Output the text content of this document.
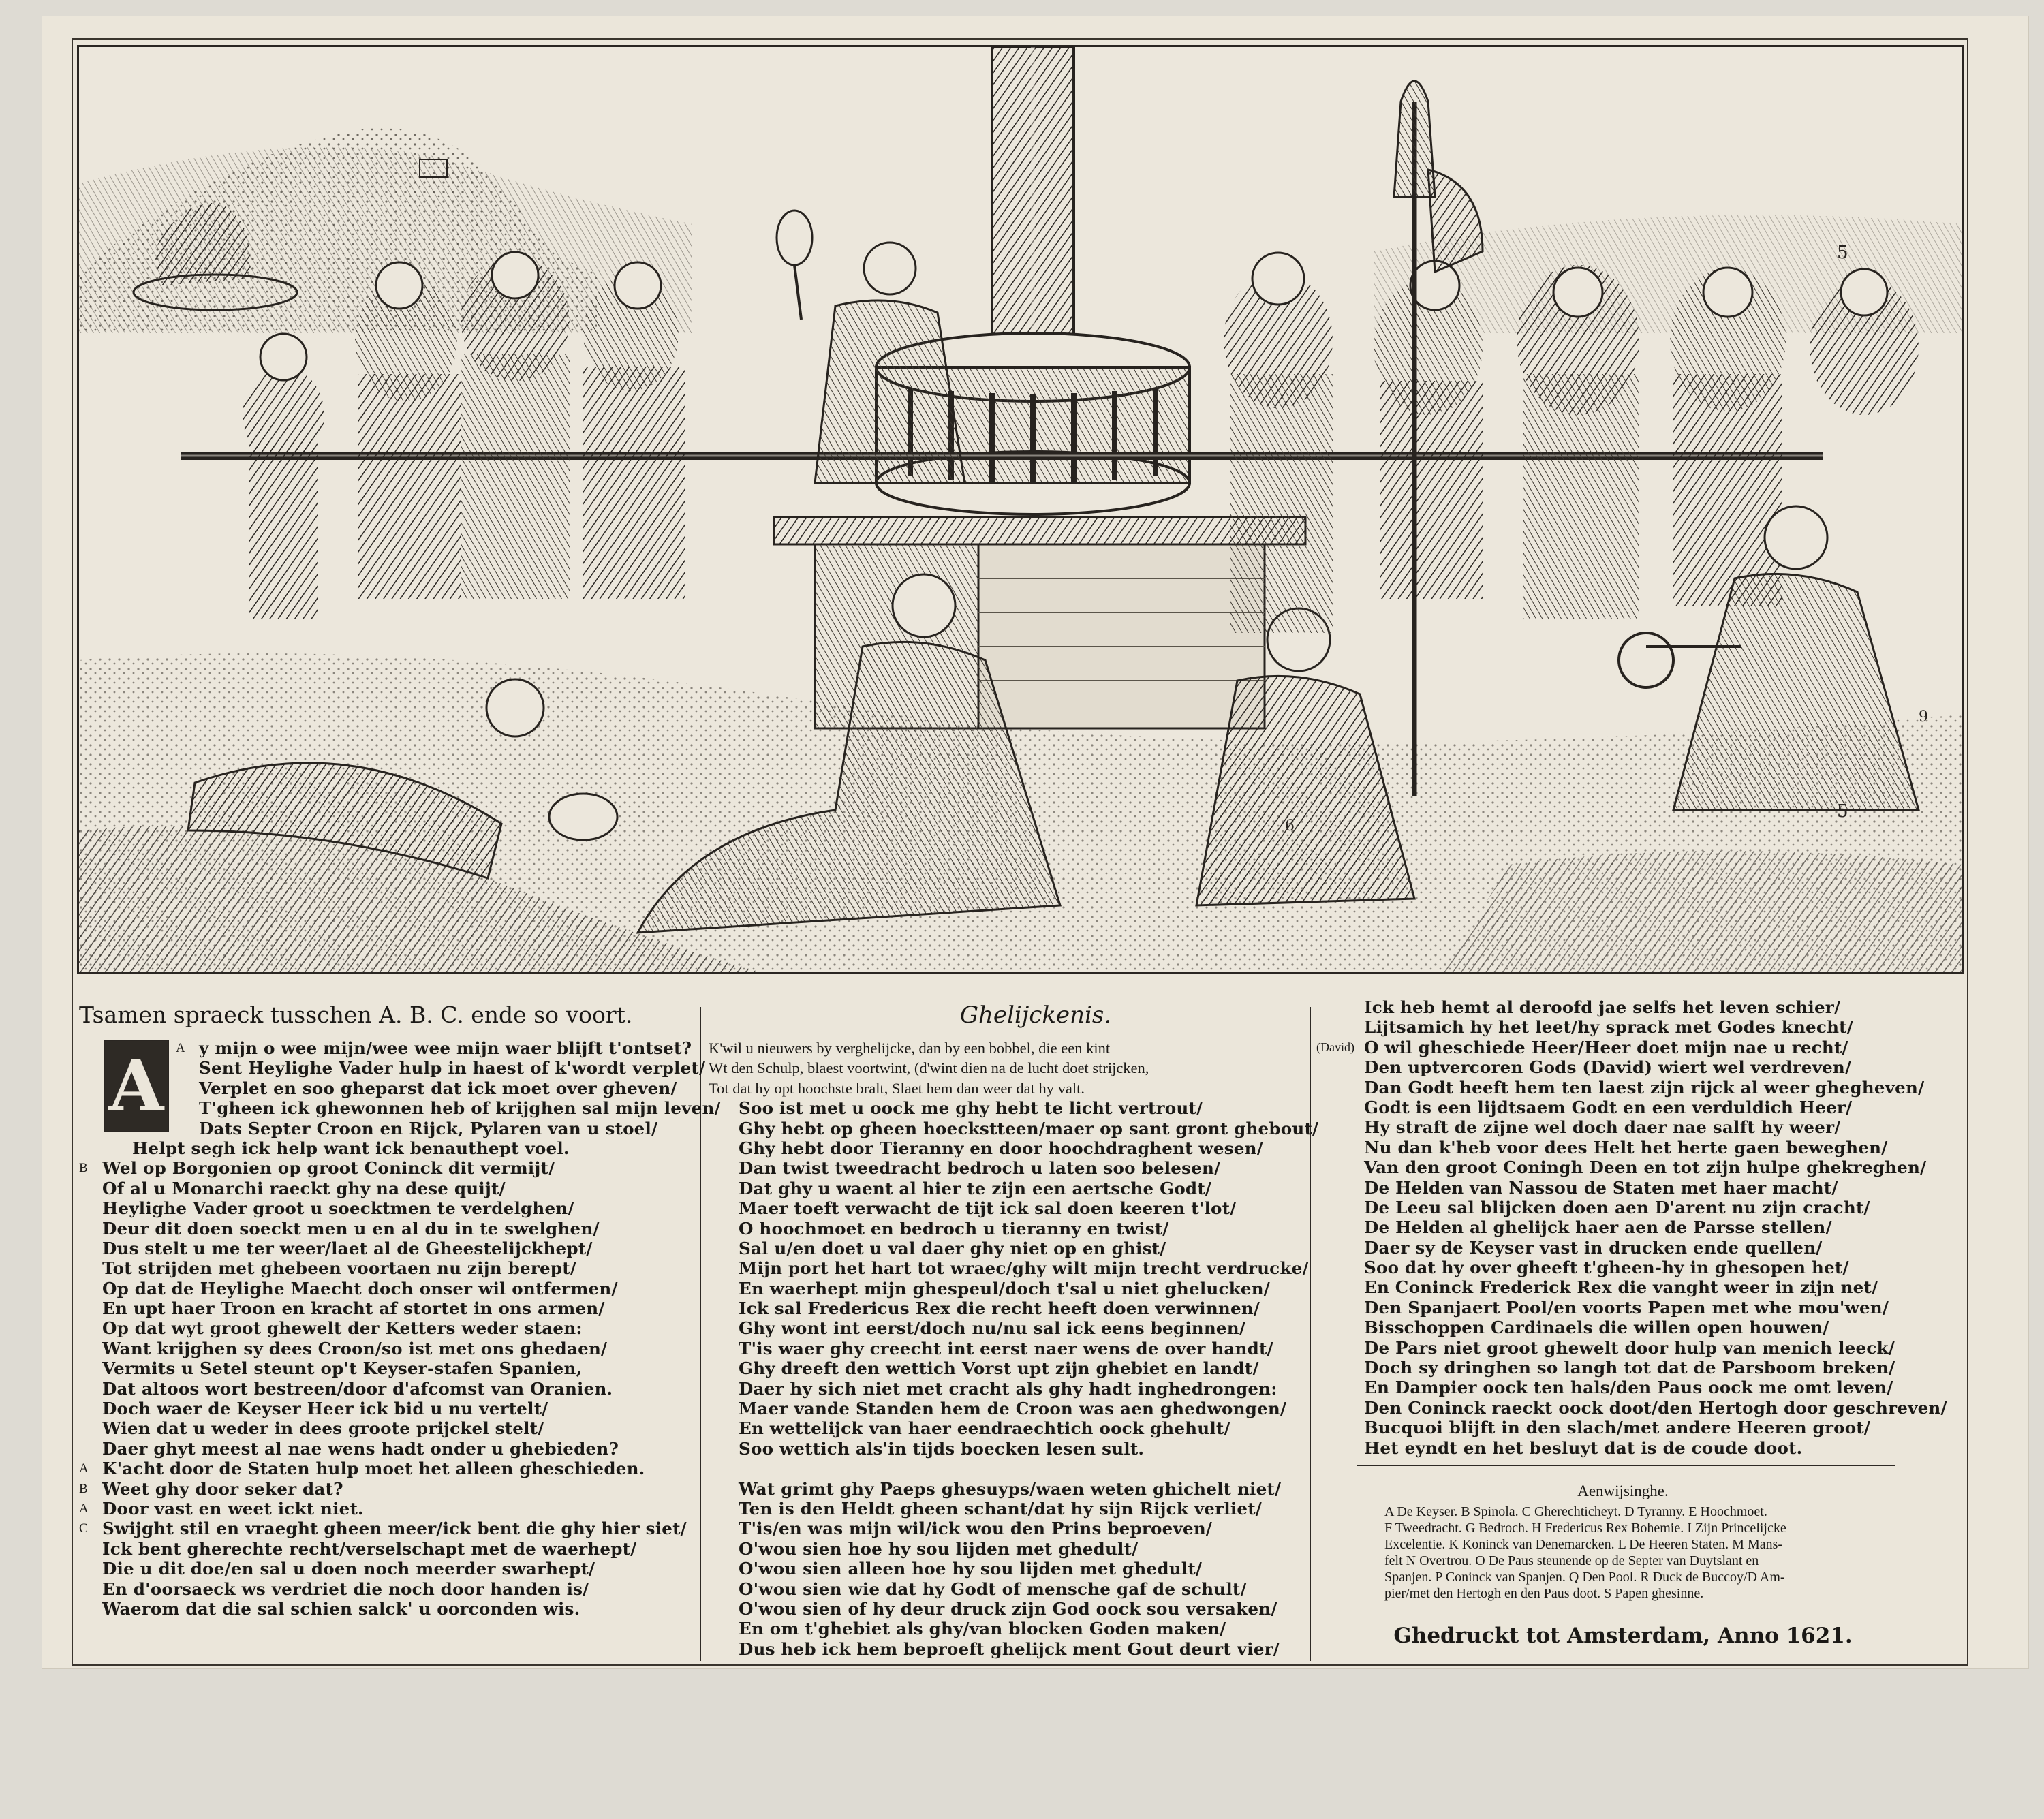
5
5
9
6
Tsamen spraeck tusschen A. B. C. ende so voort.
A A y mijn o wee mijn/wee wee mijn waer blijft t'ontset?
Sent Heylighe Vader hulp in haest of k'wordt verplet/
Verplet en soo gheparst dat ick moet over gheven/
T'gheen ick ghewonnen heb of krijghen sal mijn leven/
Dats Septer Croon en Rijck, Pylaren van u stoel/
Helpt segh ick help want ick benauthept voel.
B Wel op Borgonien op groot Coninck dit vermijt/
Of al u Monarchi raeckt ghy na dese quijt/
Heylighe Vader groot u soecktmen te verdelghen/
Deur dit doen soeckt men u en al du in te swelghen/
Dus stelt u me ter weer/laet al de Gheestelijckhept/
Tot strijden met ghebeen voortaen nu zijn berept/
Op dat de Heylighe Maecht doch onser wil ontfermen/
En upt haer Troon en kracht af stortet in ons armen/
Op dat wyt groot ghewelt der Ketters weder staen:
Want krijghen sy dees Croon/so ist met ons ghedaen/
Vermits u Setel steunt op't Keyser-stafen Spanien,
Dat altoos wort bestreen/door d'afcomst van Oranien.
Doch waer de Keyser Heer ick bid u nu vertelt/
Wien dat u weder in dees groote prijckel stelt/
Daer ghyt meest al nae wens hadt onder u ghebieden?
A K'acht door de Staten hulp moet het alleen gheschieden.
B Weet ghy door seker dat?
A Door vast en weet ickt niet.
C Swijght stil en vraeght gheen meer/ick bent die ghy hier siet/
Ick bent gherechte recht/verselschapt met de waerhept/
Die u dit doe/en sal u doen noch meerder swarhept/
En d'oorsaeck ws verdriet die noch door handen is/
Waerom dat die sal schien salck' u oorconden wis.
Ghelijckenis.
K'wil u nieuwers by verghelijcke, dan by een bobbel, die een kint
Wt den Schulp, blaest voortwint, (d'wint dien na de lucht doet strijcken,
Tot dat hy opt hoochste bralt, Slaet hem dan weer dat hy valt.
Soo ist met u oock me ghy hebt te licht vertrout/
Ghy hebt op gheen hoeckstteen/maer op sant gront ghebout/
Ghy hebt door Tieranny en door hoochdraghent wesen/
Dan twist tweedracht bedroch u laten soo belesen/
Dat ghy u waent al hier te zijn een aertsche Godt/
Maer toeft verwacht de tijt ick sal doen keeren t'lot/
O hoochmoet en bedroch u tieranny en twist/
Sal u/en doet u val daer ghy niet op en ghist/
Mijn port het hart tot wraec/ghy wilt mijn trecht verdrucke/
En waerhept mijn ghespeul/doch t'sal u niet ghelucken/
Ick sal Fredericus Rex die recht heeft doen verwinnen/
Ghy wont int eerst/doch nu/nu sal ick eens beginnen/
T'is waer ghy creecht int eerst naer wens de over handt/
Ghy dreeft den wettich Vorst upt zijn ghebiet en landt/
Daer hy sich niet met cracht als ghy hadt inghedrongen:
Maer vande Standen hem de Croon was aen ghedwongen/
En wettelijck van haer eendraechtich oock ghehult/
Soo wettich als'in tijds boecken lesen sult.
Wat grimt ghy Paeps ghesuyps/waen weten ghichelt niet/
Ten is den Heldt gheen schant/dat hy sijn Rijck verliet/
T'is/en was mijn wil/ick wou den Prins beproeven/
O'wou sien hoe hy sou lijden met ghedult/
O'wou sien alleen hoe hy sou lijden met ghedult/
O'wou sien wie dat hy Godt of mensche gaf de schult/
O'wou sien of hy deur druck zijn God oock sou versaken/
En om t'ghebiet als ghy/van blocken Goden maken/
Dus heb ick hem beproeft ghelijck ment Gout deurt vier/
Ick heb hemt al deroofd jae selfs het leven schier/
Lijtsamich hy het leet/hy sprack met Godes knecht/
(David) O wil gheschiede Heer/Heer doet mijn nae u recht/
Den uptvercoren Gods (David) wiert wel verdreven/
Dan Godt heeft hem ten laest zijn rijck al weer ghegheven/
Godt is een lijdtsaem Godt en een verduldich Heer/
Hy straft de zijne wel doch daer nae salft hy weer/
Nu dan k'heb voor dees Helt het herte gaen beweghen/
Van den groot Coningh Deen en tot zijn hulpe ghekreghen/
De Helden van Nassou de Staten met haer macht/
De Leeu sal blijcken doen aen D'arent nu zijn cracht/
De Helden al ghelijck haer aen de Parsse stellen/
Daer sy de Keyser vast in drucken ende quellen/
Soo dat hy over gheeft t'gheen-hy in ghesopen het/
En Coninck Frederick Rex die vanght weer in zijn net/
Den Spanjaert Pool/en voorts Papen met whe mou'wen/
Bisschoppen Cardinaels die willen open houwen/
De Pars niet groot ghewelt door hulp van menich leeck/
Doch sy dringhen so langh tot dat de Parsboom breken/
En Dampier oock ten hals/den Paus oock me omt leven/
Den Coninck raeckt oock doot/den Hertogh door geschreven/
Bucquoi blijft in den slach/met andere Heeren groot/
Het eyndt en het besluyt dat is de coude doot.
Aenwijsinghe.
A De Keyser. B Spinola. C Gherechticheyt. D Tyranny. E Hoochmoet.
F Tweedracht. G Bedroch. H Fredericus Rex Bohemie. I Zijn Princelijcke
Excelentie. K Koninck van Denemarcken. L De Heeren Staten. M Mans-
felt N Overtrou. O De Paus steunende op de Septer van Duytslant en
Spanjen. P Coninck van Spanjen. Q Den Pool. R Duck de Buccoy/D Am-
pier/met den Hertogh en den Paus doot. S Papen ghesinne.
Ghedruckt tot Amsterdam, Anno 1621.
